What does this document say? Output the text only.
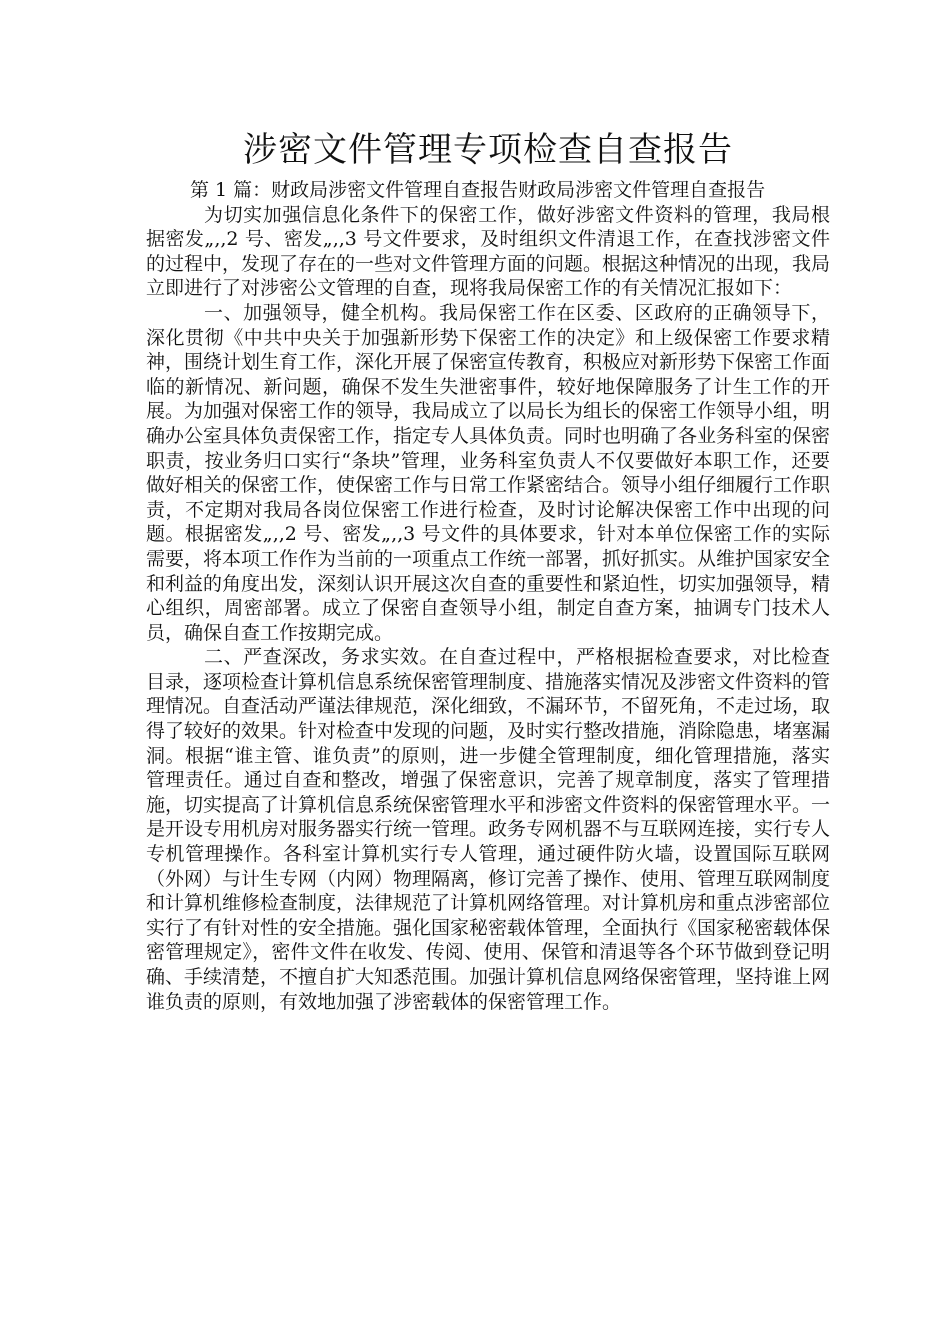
涉密文件管理专项检查自查报告

第 1 篇：财政局涉密文件管理自查报告财政局涉密文件管理自查报告

为切实加强信息化条件下的保密工作，做好涉密文件资料的管理，我局根据密发„‚‚2 号、密发„‚‚3 号文件要求，及时组织文件清退工作，在查找涉密文件的过程中，发现了存在的一些对文件管理方面的问题。根据这种情况的出现，我局立即进行了对涉密公文管理的自查，现将我局保密工作的有关情况汇报如下：

一、加强领导，健全机构。我局保密工作在区委、区政府的正确领导下，深化贯彻《中共中央关于加强新形势下保密工作的决定》和上级保密工作要求精神，围绕计划生育工作，深化开展了保密宣传教育，积极应对新形势下保密工作面临的新情况、新问题，确保不发生失泄密事件，较好地保障服务了计生工作的开展。为加强对保密工作的领导，我局成立了以局长为组长的保密工作领导小组，明确办公室具体负责保密工作，指定专人具体负责。同时也明确了各业务科室的保密职责，按业务归口实行“条块”管理，业务科室负责人不仅要做好本职工作，还要做好相关的保密工作，使保密工作与日常工作紧密结合。领导小组仔细履行工作职责，不定期对我局各岗位保密工作进行检查，及时讨论解决保密工作中出现的问题。根据密发„‚‚2 号、密发„‚‚3 号文件的具体要求，针对本单位保密工作的实际需要，将本项工作作为当前的一项重点工作统一部署，抓好抓实。从维护国家安全和利益的角度出发，深刻认识开展这次自查的重要性和紧迫性，切实加强领导，精心组织，周密部署。成立了保密自查领导小组，制定自查方案，抽调专门技术人员，确保自查工作按期完成。

二、严查深改，务求实效。在自查过程中，严格根据检查要求，对比检查目录，逐项检查计算机信息系统保密管理制度、措施落实情况及涉密文件资料的管理情况。自查活动严谨法律规范，深化细致，不漏环节，不留死角，不走过场，取得了较好的效果。针对检查中发现的问题，及时实行整改措施，消除隐患，堵塞漏洞。根据“谁主管、谁负责”的原则，进一步健全管理制度，细化管理措施，落实管理责任。通过自查和整改，增强了保密意识，完善了规章制度，落实了管理措施，切实提高了计算机信息系统保密管理水平和涉密文件资料的保密管理水平。一是开设专用机房对服务器实行统一管理。政务专网机器不与互联网连接，实行专人专机管理操作。各科室计算机实行专人管理，通过硬件防火墙，设置国际互联网（外网）与计生专网（内网）物理隔离，修订完善了操作、使用、管理互联网制度和计算机维修检查制度，法律规范了计算机网络管理。对计算机房和重点涉密部位实行了有针对性的安全措施。强化国家秘密载体管理，全面执行《国家秘密载体保密管理规定》，密件文件在收发、传阅、使用、保管和清退等各个环节做到登记明确、手续清楚，不擅自扩大知悉范围。加强计算机信息网络保密管理，坚持谁上网谁负责的原则，有效地加强了涉密载体的保密管理工作。
